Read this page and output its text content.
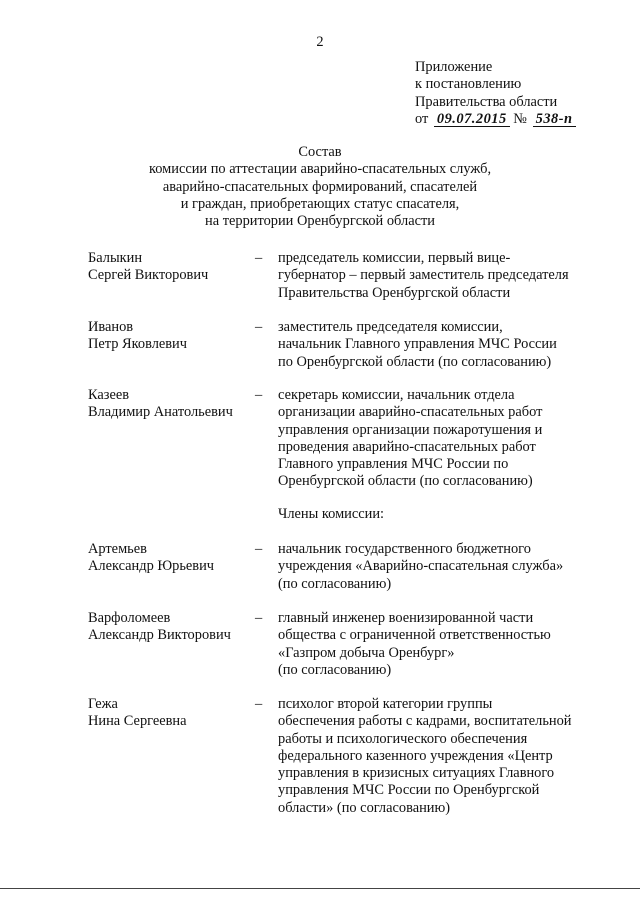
2
Приложение
к постановлению
Правительства области
от 09.07.2015 № 538-п
Состав
комиссии по аттестации аварийно-спасательных служб,
аварийно-спасательных формирований, спасателей
и граждан, приобретающих статус спасателя,
на территории Оренбургской области
Балыкин
Сергей Викторович
– председатель комиссии, первый вице-
губернатор – первый заместитель председателя
Правительства Оренбургской области
Иванов
Петр Яковлевич
– заместитель председателя комиссии,
начальник Главного управления МЧС России
по Оренбургской области (по согласованию)
Казеев
Владимир Анатольевич
– секретарь комиссии, начальник отдела
организации аварийно-спасательных работ
управления организации пожаротушения и
проведения аварийно-спасательных работ
Главного управления МЧС России по
Оренбургской области (по согласованию)
Члены комиссии:
Артемьев
Александр Юрьевич
– начальник государственного бюджетного
учреждения «Аварийно-спасательная служба»
(по согласованию)
Варфоломеев
Александр Викторович
– главный инженер военизированной части
общества с ограниченной ответственностью
«Газпром добыча Оренбург»
(по согласованию)
Гежа
Нина Сергеевна
– психолог второй категории группы
обеспечения работы с кадрами, воспитательной
работы и психологического обеспечения
федерального казенного учреждения «Центр
управления в кризисных ситуациях Главного
управления МЧС России по Оренбургской
области» (по согласованию)
